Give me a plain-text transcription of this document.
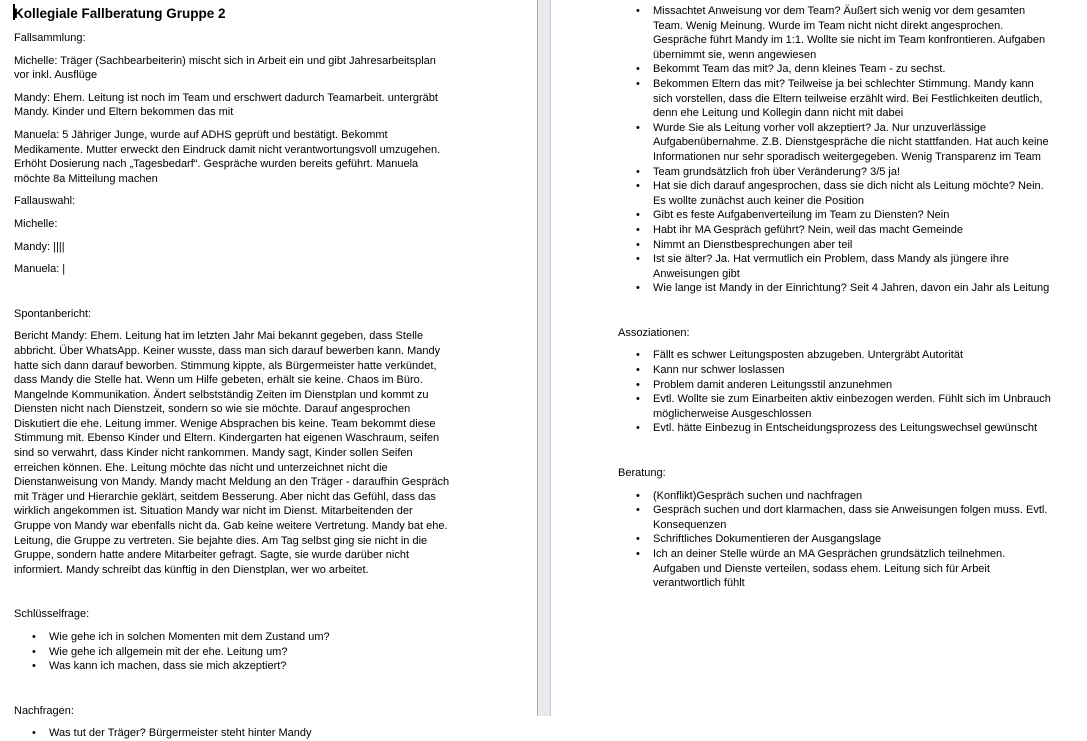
Kollegiale Fallberatung Gruppe 2

Fallsammlung:

Michelle: Träger (Sachbearbeiterin) mischt sich in Arbeit ein und gibt Jahresarbeitsplan vor inkl. Ausflüge

Mandy: Ehem. Leitung ist noch im Team und erschwert dadurch Teamarbeit. untergräbt Mandy. Kinder und Eltern bekommen das mit

Manuela: 5 Jähriger Junge, wurde auf ADHS geprüft und bestätigt. Bekommt Medikamente. Mutter erweckt den Eindruck damit nicht verantwortungsvoll umzugehen. Erhöht Dosierung nach „Tagesbedarf“. Gespräche wurden bereits geführt. Manuela möchte 8a Mitteilung machen

Fallauswahl:

Michelle:

Mandy: ||||

Manuela: |

Spontanbericht:

Bericht Mandy: Ehem. Leitung hat im letzten Jahr Mai bekannt gegeben, dass Stelle abbricht. Über WhatsApp. Keiner wusste, dass man sich darauf bewerben kann. Mandy hatte sich dann darauf beworben. Stimmung kippte, als Bürgermeister hatte verkündet, dass Mandy die Stelle hat. Wenn um Hilfe gebeten, erhält sie keine. Chaos im Büro. Mangelnde Kommunikation. Ändert selbstständig Zeiten im Dienstplan und kommt zu Diensten nicht nach Dienstzeit, sondern so wie sie möchte. Darauf angesprochen Diskutiert die ehe. Leitung immer. Wenige Absprachen bis keine. Team bekommt diese Stimmung mit. Ebenso Kinder und Eltern. Kindergarten hat eigenen Waschraum, seifen sind so verwahrt, dass Kinder nicht rankommen. Mandy sagt, Kinder sollen Seifen erreichen können. Ehe. Leitung möchte das nicht und unterzeichnet nicht die Dienstanweisung von Mandy. Mandy macht Meldung an den Träger - daraufhin Gespräch mit Träger und Hierarchie geklärt, seitdem Besserung. Aber nicht das Gefühl, dass das wirklich angekommen ist. Situation Mandy war nicht im Dienst. Mitarbeitenden der Gruppe von Mandy war ebenfalls nicht da. Gab keine weitere Vertretung. Mandy bat ehe. Leitung, die Gruppe zu vertreten. Sie bejahte dies. Am Tag selbst ging sie nicht in die Gruppe, sondern hatte andere Mitarbeiter gefragt. Sagte, sie wurde darüber nicht informiert. Mandy schreibt das künftig in den Dienstplan, wer wo arbeitet.

Schlüsselfrage:

• Wie gehe ich in solchen Momenten mit dem Zustand um?
• Wie gehe ich allgemein mit der ehe. Leitung um?
• Was kann ich machen, dass sie mich akzeptiert?

Nachfragen:

• Was tut der Träger? Bürgermeister steht hinter Mandy
• Missachtet Anweisung vor dem Team? Äußert sich wenig vor dem gesamten Team. Wenig Meinung. Wurde im Team nicht nicht direkt angesprochen. Gespräche führt Mandy im 1:1. Wollte sie nicht im Team konfrontieren. Aufgaben übernimmt sie, wenn angewiesen
• Bekommt Team das mit? Ja, denn kleines Team - zu sechst.
• Bekommen Eltern das mit? Teilweise ja bei schlechter Stimmung. Mandy kann sich vorstellen, dass die Eltern teilweise erzählt wird. Bei Festlichkeiten deutlich, denn ehe Leitung und Kollegin dann nicht mit dabei
• Wurde Sie als Leitung vorher voll akzeptiert? Ja. Nur unzuverlässige Aufgabenübernahme. Z.B. Dienstgespräche die nicht stattfanden. Hat auch keine Informationen nur sehr sporadisch weitergegeben. Wenig Transparenz im Team
• Team grundsätzlich froh über Veränderung? 3/5 ja!
• Hat sie dich darauf angesprochen, dass sie dich nicht als Leitung möchte? Nein. Es wollte zunächst auch keiner die Position
• Gibt es feste Aufgabenverteilung im Team zu Diensten? Nein
• Habt ihr MA Gespräch geführt? Nein, weil das macht Gemeinde
• Nimmt an Dienstbesprechungen aber teil
• Ist sie älter? Ja. Hat vermutlich ein Problem, dass Mandy als jüngere ihre Anweisungen gibt
• Wie lange ist Mandy in der Einrichtung? Seit 4 Jahren, davon ein Jahr als Leitung

Assoziationen:

• Fällt es schwer Leitungsposten abzugeben. Untergräbt Autorität
• Kann nur schwer loslassen
• Problem damit anderen Leitungsstil anzunehmen
• Evtl. Wollte sie zum Einarbeiten aktiv einbezogen werden. Fühlt sich im Unbrauch möglicherweise Ausgeschlossen
• Evtl. hätte Einbezug in Entscheidungsprozess des Leitungswechsel gewünscht

Beratung:

• (Konflikt)Gespräch suchen und nachfragen
• Gespräch suchen und dort klarmachen, dass sie Anweisungen folgen muss. Evtl. Konsequenzen
• Schriftliches Dokumentieren der Ausgangslage
• Ich an deiner Stelle würde an MA Gesprächen grundsätzlich teilnehmen. Aufgaben und Dienste verteilen, sodass ehem. Leitung sich für Arbeit verantwortlich fühlt
